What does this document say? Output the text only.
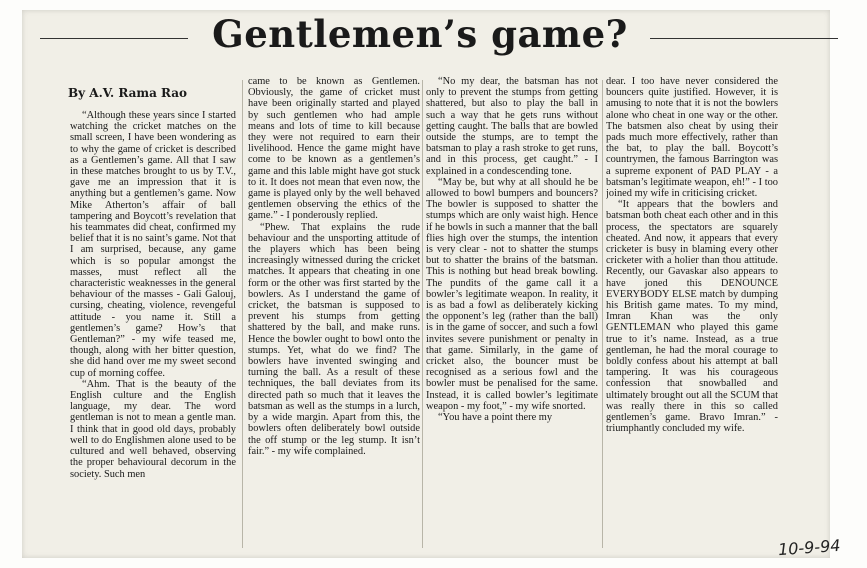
Gentlemen’s game?
By A.V. Rama Rao

“Although these years since I started watching the cricket matches on the small screen, I have been wondering as to why the game of cricket is described as a Gentlemen’s game. All that I saw in these matches brought to us by T.V., gave me an impression that it is anything but a gentlemen’s game. Now Mike Atherton’s affair of ball tampering and Boycott’s revelation that his teammates did cheat, confirmed my belief that it is no saint’s game. Not that I am surprised, because, any game which is so popular amongst the masses, must reflect all the characteristic weaknesses in the general behaviour of the masses - Gali Galouj, cursing, cheating, violence, revengeful attitude - you name it. Still a gentlemen’s game? How’s that Gentleman?” - my wife teased me, though, along with her bitter question, she did hand over me my sweet second cup of morning coffee.

“Ahm. That is the beauty of the English culture and the English language, my dear. The word gentleman is not to mean a gentle man. I think that in good old days, probably well to do Englishmen alone used to be cultured and well behaved, observing the proper behavioural decorum in the society. Such men

came to be known as Gentlemen. Obviously, the game of cricket must have been originally started and played by such gentlemen who had ample means and lots of time to kill because they were not required to earn their livelihood. Hence the game might have come to be known as a gentlemen’s game and this lable might have got stuck to it. It does not mean that even now, the game is played only by the well behaved gentlemen observing the ethics of the game.” - I ponderously replied.

“Phew. That explains the rude behaviour and the unsporting attitude of the players which has been being increasingly witnessed during the cricket matches. It appears that cheating in one form or the other was first started by the bowlers. As I understand the game of cricket, the batsman is supposed to prevent his stumps from getting shattered by the ball, and make runs. Hence the bowler ought to bowl onto the stumps. Yet, what do we find? The bowlers have invented swinging and turning the ball. As a result of these techniques, the ball deviates from its directed path so much that it leaves the batsman as well as the stumps in a lurch, by a wide margin. Apart from this, the bowlers often deliberately bowl outside the off stump or the leg stump. It isn’t fair.” - my wife complained.

“No my dear, the batsman has not only to prevent the stumps from getting shattered, but also to play the ball in such a way that he gets runs without getting caught. The balls that are bowled outside the stumps, are to tempt the batsman to play a rash stroke to get runs, and in this process, get caught.” - I explained in a condescending tone.

“May be, but why at all should he be allowed to bowl bumpers and bouncers? The bowler is supposed to shatter the stumps which are only waist high. Hence if he bowls in such a manner that the ball flies high over the stumps, the intention is very clear - not to shatter the stumps but to shatter the brains of the batsman. This is nothing but head break bowling. The pundits of the game call it a bowler’s legitimate weapon. In reality, it is as bad a fowl as deliberately kicking the opponent’s leg (rather than the ball) is in the game of soccer, and such a fowl invites severe punishment or penalty in that game. Similarly, in the game of cricket also, the bouncer must be recognised as a serious fowl and the bowler must be penalised for the same. Instead, it is called bowler’s legitimate weapon - my foot,” - my wife snorted.

“You have a point there my

dear. I too have never considered the bouncers quite justified. However, it is amusing to note that it is not the bowlers alone who cheat in one way or the other. The batsmen also cheat by using their pads much more effectively, rather than the bat, to play the ball. Boycott’s countrymen, the famous Barrington was a supreme exponent of PAD PLAY - a batsman’s legitimate weapon, eh!” - I too joined my wife in criticising cricket.

“It appears that the bowlers and batsman both cheat each other and in this process, the spectators are squarely cheated. And now, it appears that every cricketer is busy in blaming every other cricketer with a holier than thou attitude. Recently, our Gavaskar also appears to have joned this DENOUNCE EVERYBODY ELSE match by dumping his British game mates. To my mind, Imran Khan was the only GENTLEMAN who played this game true to it’s name. Instead, as a true gentleman, he had the moral courage to boldly confess about his attempt at ball tampering. It was his courageous confession that snowballed and ultimately brought out all the SCUM that was really there in this so called gentlemen’s game. Bravo Imran.” - triumphantly concluded my wife.

10-9-94
